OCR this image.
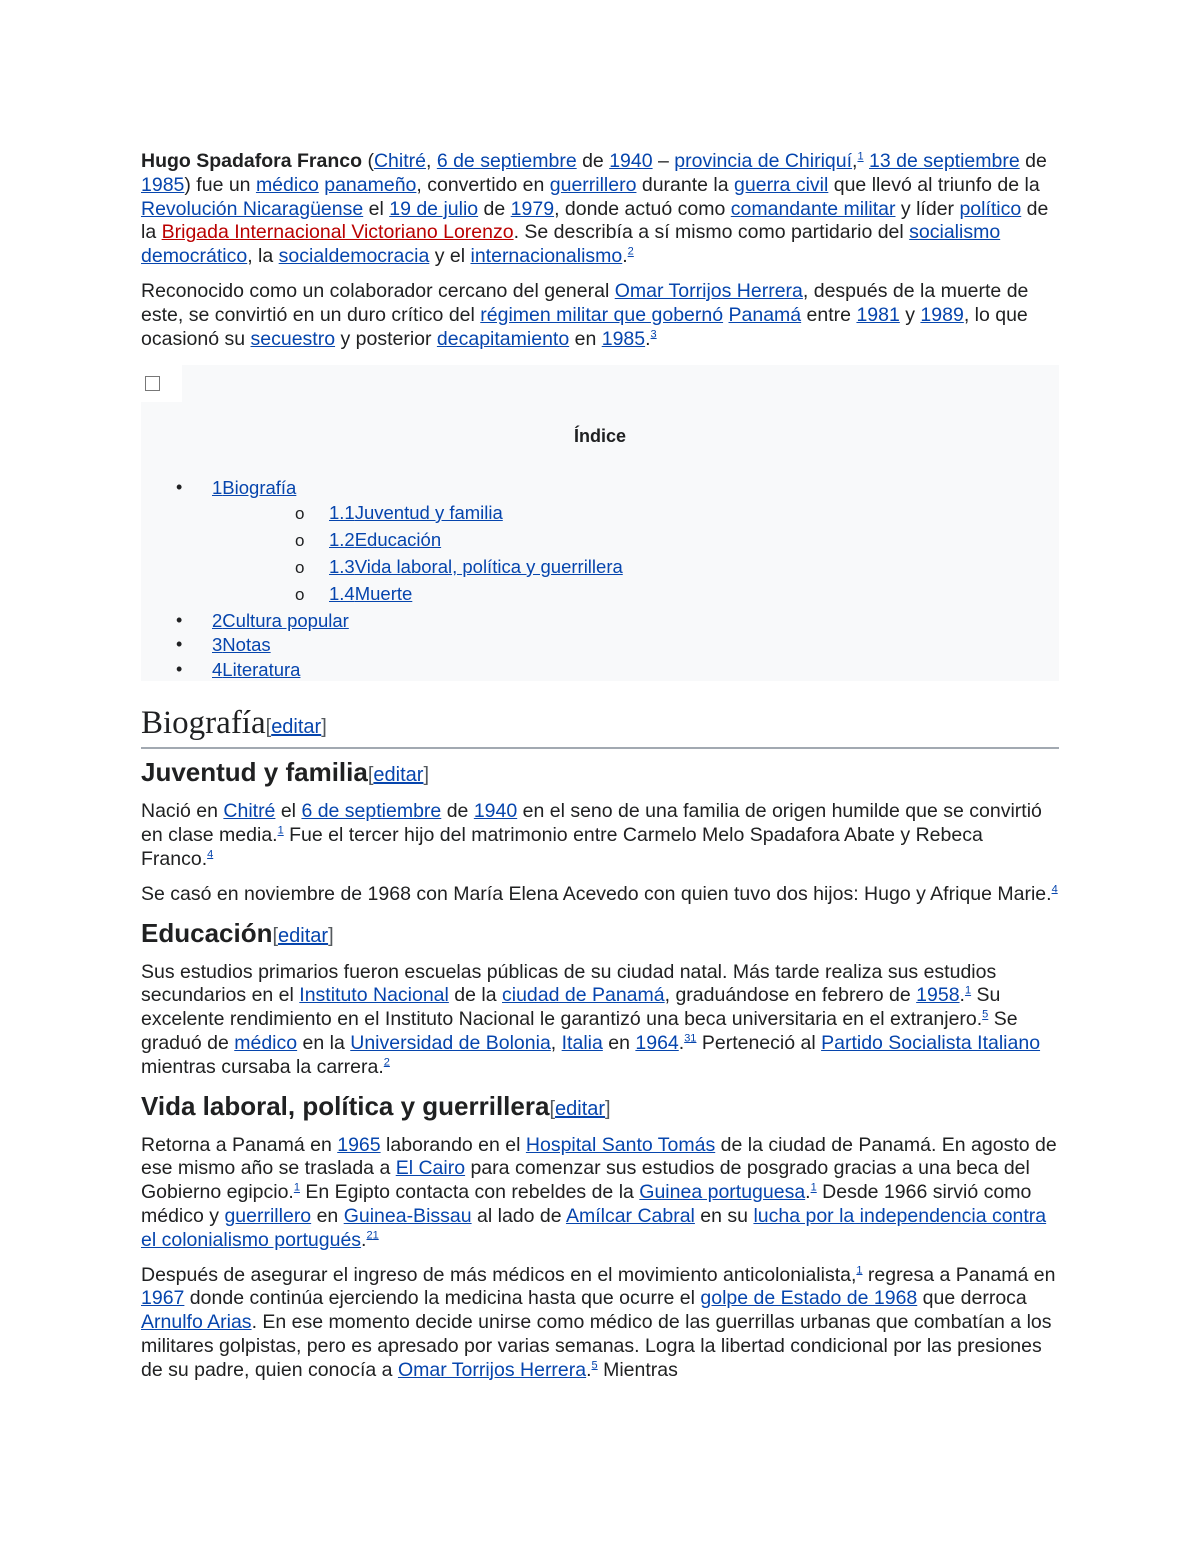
Hugo Spadafora Franco (Chitré, 6 de septiembre de 1940 – provincia de Chiriquí,$^1$ 13 de septiembre de 1985) fue un médico panameño, convertido en guerrillero durante la guerra civil que llevó al triunfo de la Revolución Nicaragüense el 19 de julio de 1979, donde actuó como comandante militar y líder político de la Brigada Internacional Victoriano Lorenzo. Se describía a sí mismo como partidario del socialismo democrático, la socialdemocracia y el internacionalismo.$^2$

Reconocido como un colaborador cercano del general Omar Torrijos Herrera, después de la muerte de este, se convirtió en un duro crítico del régimen militar que gobernó Panamá entre 1981 y 1989, lo que ocasionó su secuestro y posterior decapitamiento en 1985.$^3$

Índice
• 1Biografía
o 1.1Juventud y familia
o 1.2Educación
o 1.3Vida laboral, política y guerrillera
o 1.4Muerte
• 2Cultura popular
• 3Notas
• 4Literatura
Biografía[editar]
Juventud y familia[editar]

Nació en Chitré el 6 de septiembre de 1940 en el seno de una familia de origen humilde que se convirtió en clase media.$^1$ Fue el tercer hijo del matrimonio entre Carmelo Melo Spadafora Abate y Rebeca Franco.$^4$

Se casó en noviembre de 1968 con María Elena Acevedo con quien tuvo dos hijos: Hugo y Afrique Marie.$^4$

Educación[editar]

Sus estudios primarios fueron escuelas públicas de su ciudad natal. Más tarde realiza sus estudios secundarios en el Instituto Nacional de la ciudad de Panamá, graduándose en febrero de 1958.$^1$ Su excelente rendimiento en el Instituto Nacional le garantizó una beca universitaria en el extranjero.$^5$ Se graduó de médico en la Universidad de Bolonia, Italia en 1964.31 Perteneció al Partido Socialista Italiano mientras cursaba la carrera.$^2$

Vida laboral, política y guerrillera[editar]

Retorna a Panamá en 1965 laborando en el Hospital Santo Tomás de la ciudad de Panamá. En agosto de ese mismo año se traslada a El Cairo para comenzar sus estudios de posgrado gracias a una beca del Gobierno egipcio.$^1$ En Egipto contacta con rebeldes de la Guinea portuguesa.$^1$ Desde 1966 sirvió como médico y guerrillero en Guinea-Bissau al lado de Amílcar Cabral en su lucha por la independencia contra el colonialismo portugués.$^{21}$

Después de asegurar el ingreso de más médicos en el movimiento anticolonialista,$^1$ regresa a Panamá en 1967 donde continúa ejerciendo la medicina hasta que ocurre el golpe de Estado de 1968 que derroca Arnulfo Arias. En ese momento decide unirse como médico de las guerrillas urbanas que combatían a los militares golpistas, pero es apresado por varias semanas. Logra la libertad condicional por las presiones de su padre, quien conocía a Omar Torrijos Herrera.$^5$ Mientras
